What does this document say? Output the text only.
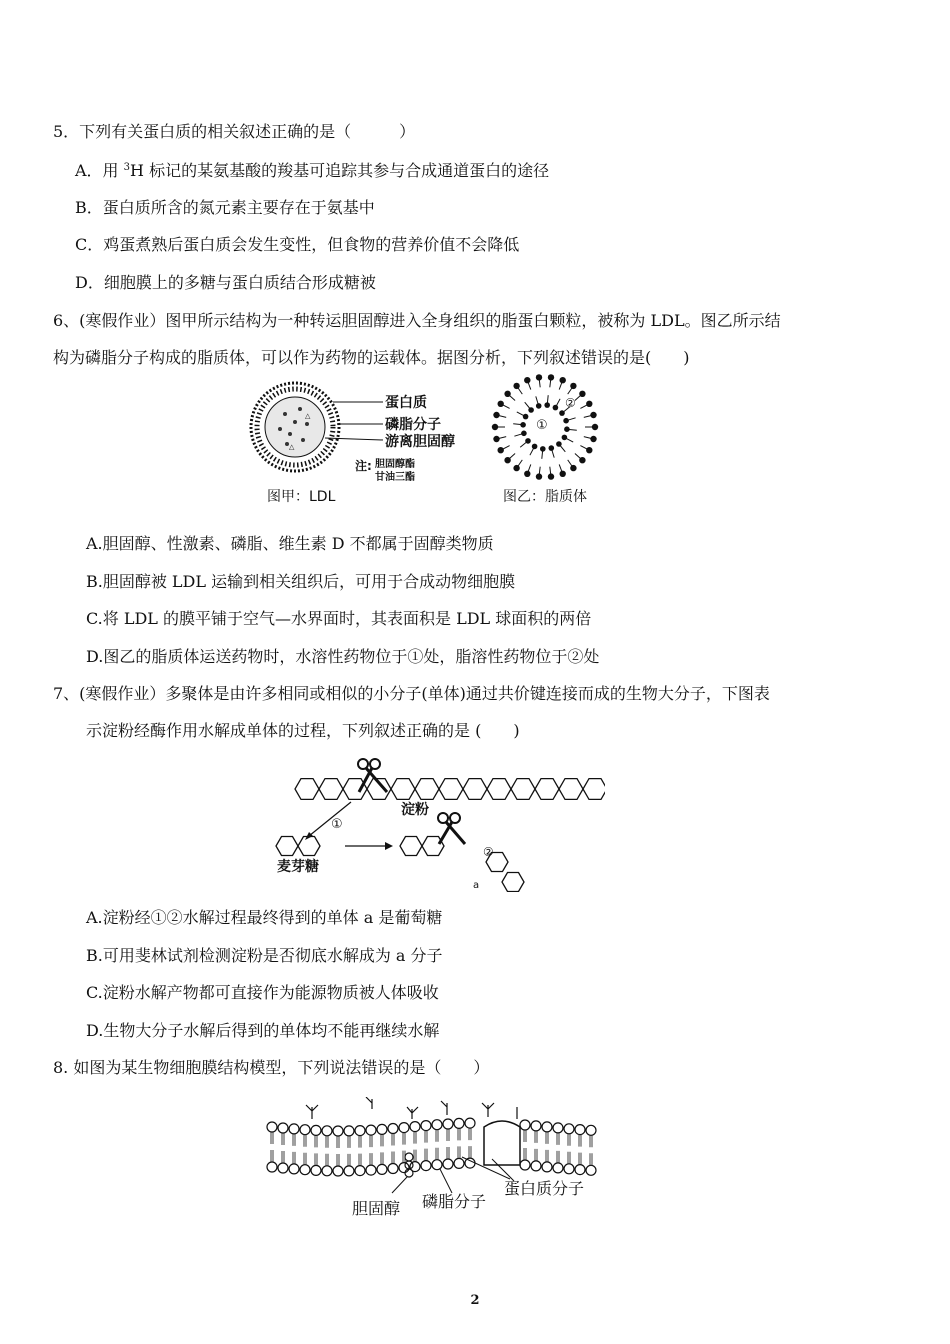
5．下列有关蛋白质的相关叙述正确的是（　　　）
A．用 $^3$H 标记的某氨基酸的羧基可追踪其参与合成通道蛋白的途径
B．蛋白质所含的氮元素主要存在于氨基中
C．鸡蛋煮熟后蛋白质会发生变性，但食物的营养价值不会降低
D．细胞膜上的多糖与蛋白质结合形成糖被
6、(寒假作业）图甲所示结构为一种转运胆固醇进入全身组织的脂蛋白颗粒，被称为 LDL。图乙所示结
构为磷脂分子构成的脂质体，可以作为药物的运载体。据图分析，下列叙述错误的是(　　)
△
△
蛋白质
磷脂分子
游离胆固醇
注: 胆固醇酯
甘油三酯
图甲：LDL
①
②
图乙：脂质体
A.胆固醇、性激素、磷脂、维生素 D 不都属于固醇类物质
B.胆固醇被 LDL 运输到相关组织后，可用于合成动物细胞膜
C.将 LDL 的膜平铺于空气—水界面时，其表面积是 LDL 球面积的两倍
D.图乙的脂质体运送药物时，水溶性药物位于①处，脂溶性药物位于②处
7、(寒假作业）多聚体是由许多相同或相似的小分子(单体)通过共价键连接而成的生物大分子，下图表
示淀粉经酶作用水解成单体的过程，下列叙述正确的是 (　　)
淀粉
①
麦芽糖
②
a
A.淀粉经①②水解过程最终得到的单体 a 是葡萄糖
B.可用斐林试剂检测淀粉是否彻底水解成为 a 分子
C.淀粉水解产物都可直接作为能源物质被人体吸收
D.生物大分子水解后得到的单体均不能再继续水解
8. 如图为某生物细胞膜结构模型，下列说法错误的是（　　）
胆固醇 磷脂分子
蛋白质分子
2
